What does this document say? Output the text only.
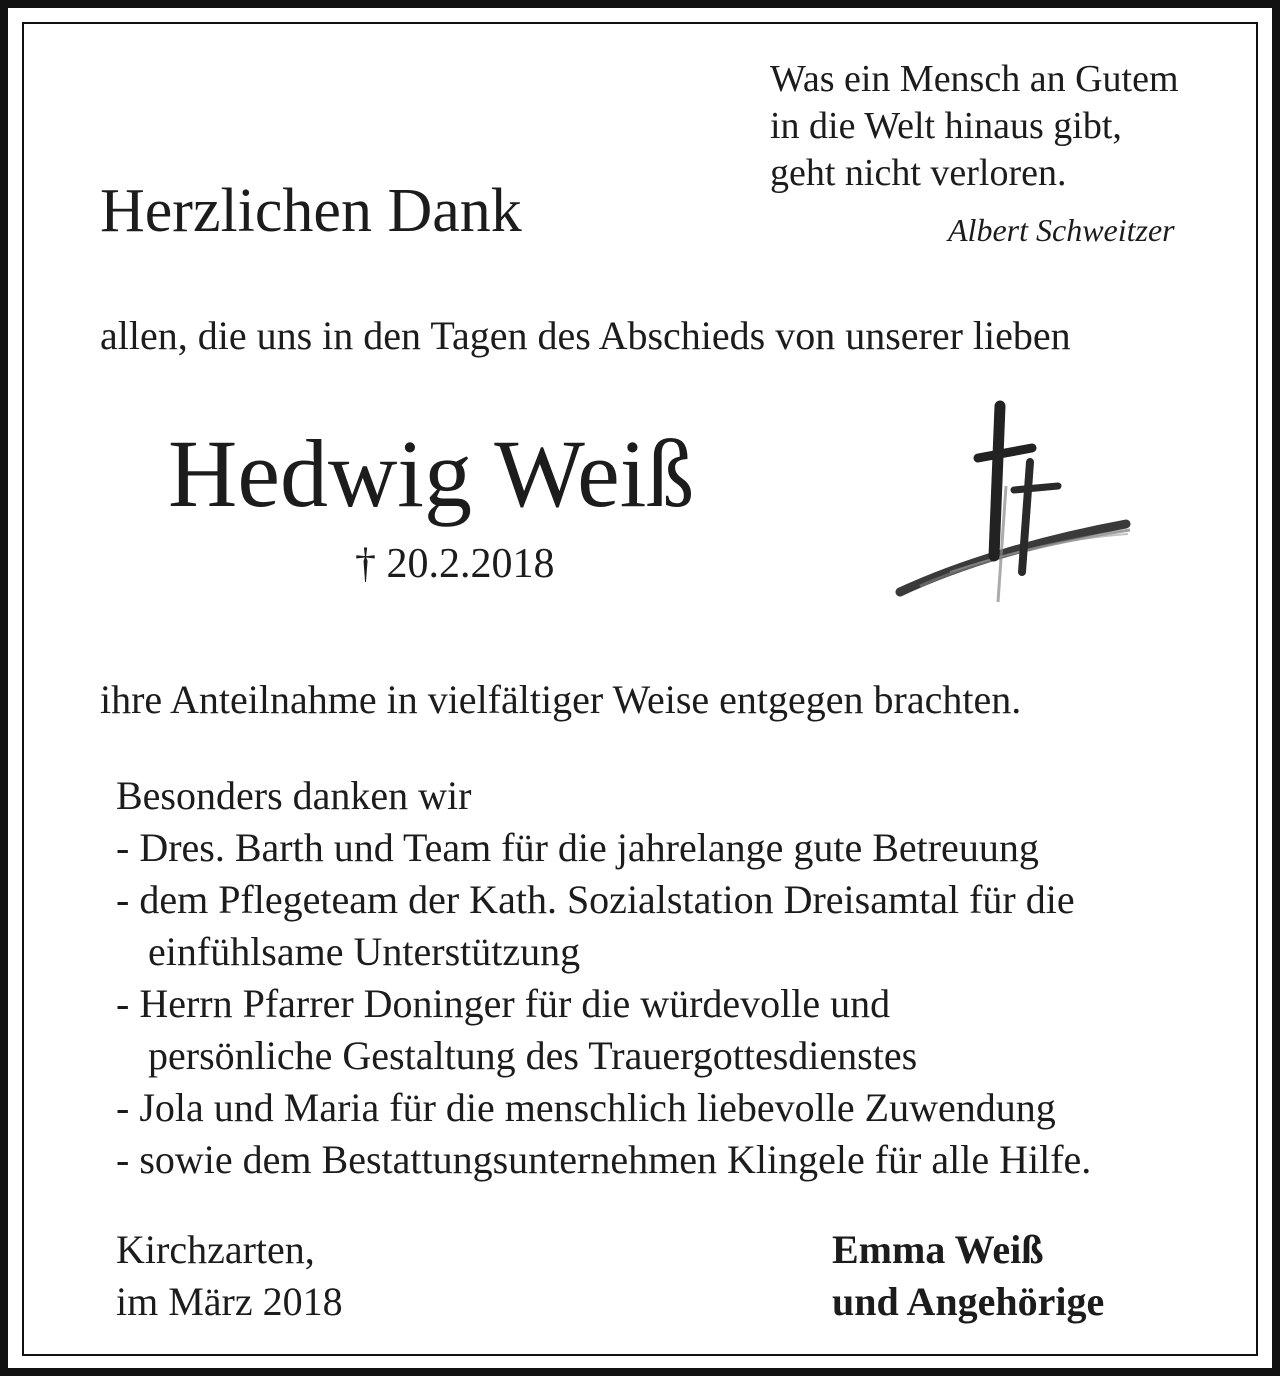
Was ein Mensch an Gutem

in die Welt hinaus gibt,

geht nicht verloren.

Albert Schweitzer

Herzlichen Dank

allen, die uns in den Tagen des Abschieds von unserer lieben

Hedwig Weiß

† 20.2.2018

ihre Anteilnahme in vielfältiger Weise entgegen brachten.

Besonders danken wir

- Dres. Barth und Team für die jahrelange gute Betreuung

- dem Pflegeteam der Kath. Sozialstation Dreisamtal für die

einfühlsame Unterstützung

- Herrn Pfarrer Doninger für die würdevolle und

persönliche Gestaltung des Trauergottesdienstes

- Jola und Maria für die menschlich liebevolle Zuwendung

- sowie dem Bestattungsunternehmen Klingele für alle Hilfe.

Kirchzarten,

im März 2018

Emma Weiß

und Angehörige
